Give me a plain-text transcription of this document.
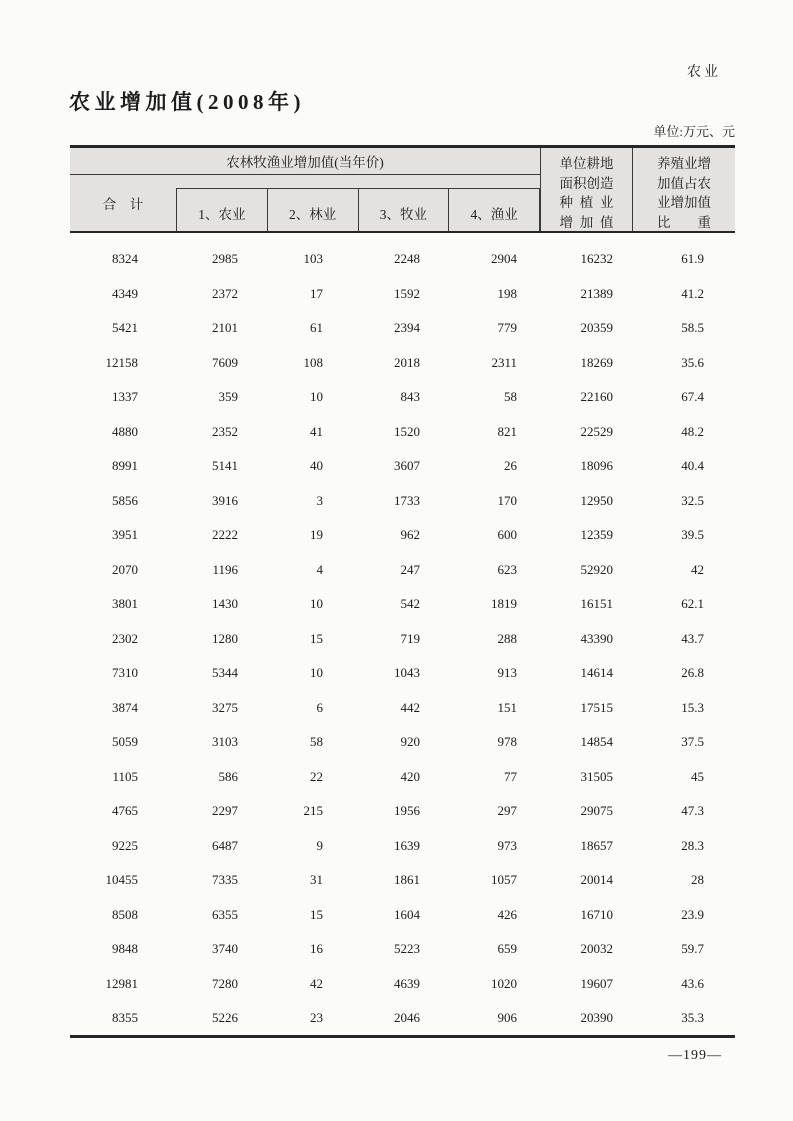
农业
农业增加值(2008年)
单位:万元、元
农林牧渔业增加值(当年价)
合    计
1、农业	2、林业	3、牧业	4、渔业
单位耕地
面积创造
种  植  业
增  加  值
养殖业增
加值占农
业增加值
比        重
8324	2985	103	2248	2904	16232	61.9
4349	2372	17	1592	198	21389	41.2
5421	2101	61	2394	779	20359	58.5
12158	7609	108	2018	2311	18269	35.6
1337	359	10	843	58	22160	67.4
4880	2352	41	1520	821	22529	48.2
8991	5141	40	3607	26	18096	40.4
5856	3916	3	1733	170	12950	32.5
3951	2222	19	962	600	12359	39.5
2070	1196	4	247	623	52920	42
3801	1430	10	542	1819	16151	62.1
2302	1280	15	719	288	43390	43.7
7310	5344	10	1043	913	14614	26.8
3874	3275	6	442	151	17515	15.3
5059	3103	58	920	978	14854	37.5
1105	586	22	420	77	31505	45
4765	2297	215	1956	297	29075	47.3
9225	6487	9	1639	973	18657	28.3
10455	7335	31	1861	1057	20014	28
8508	6355	15	1604	426	16710	23.9
9848	3740	16	5223	659	20032	59.7
12981	7280	42	4639	1020	19607	43.6
8355	5226	23	2046	906	20390	35.3
—199—
